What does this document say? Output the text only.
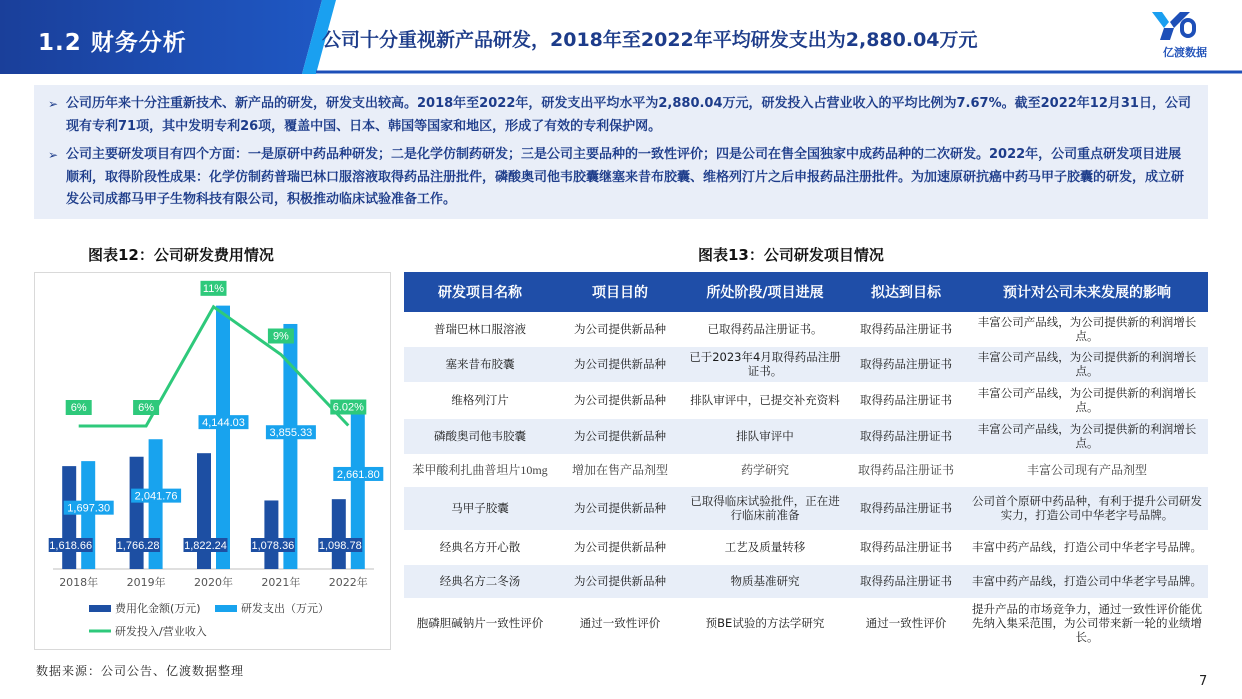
1.2 财务分析	公司十分重视新产品研发，2018年至2022年平均研发支出为2,880.04万元
亿渡数据
➢ 公司历年来十分注重新技术、新产品的研发，研发支出较高。2018年至2022年，研发支出平均水平为2,880.04万元，研发投入占营业收入的平均比例为7.67%。截至2022年12月31日，公司现有专利71项，其中发明专利26项，覆盖中国、日本、韩国等国家和地区，形成了有效的专利保护网。
➢ 公司主要研发项目有四个方面：一是原研中药品种研发；二是化学仿制药研发；三是公司主要品种的一致性评价；四是公司在售全国独家中成药品种的二次研发。2022年，公司重点研发项目进展顺利，取得阶段性成果：化学仿制药普瑞巴林口服溶液取得药品注册批件，磷酸奥司他韦胶囊继塞来昔布胶囊、维格列汀片之后申报药品注册批件。为加速原研抗癌中药马甲子胶囊的研发，成立研发公司成都马甲子生物科技有限公司，积极推动临床试验准备工作。
图表12：公司研发费用情况	图表13：公司研发项目情况
1,618.66
1,697.30
2018年
1,766.28
2,041.76
2019年
1,822.24
4,144.03
2020年
1,078.36
3,855.33
2021年
1,098.78
2,661.80
2022年
6%	6%
11%
9%
6.02%
费用化金额(万元)	研发支出（万元）
研发投入/营业收入
研发项目名称	项目目的	所处阶段/项目进展	拟达到目标	预计对公司未来发展的影响
普瑞巴林口服溶液	为公司提供新品种	已取得药品注册证书。	取得药品注册证书	丰富公司产品线，为公司提供新的利润增长点。
塞来昔布胶囊	为公司提供新品种	已于2023年4月取得药品注册证书。	取得药品注册证书	丰富公司产品线，为公司提供新的利润增长点。
维格列汀片	为公司提供新品种	排队审评中，已提交补充资料	取得药品注册证书	丰富公司产品线，为公司提供新的利润增长点。
磷酸奥司他韦胶囊	为公司提供新品种	排队审评中	取得药品注册证书	丰富公司产品线，为公司提供新的利润增长点。
苯甲酸利扎曲普坦片10mg	增加在售产品剂型	药学研究	取得药品注册证书	丰富公司现有产品剂型
马甲子胶囊	为公司提供新品种	已取得临床试验批件，正在进行临床前准备	取得药品注册证书	公司首个原研中药品种，有利于提升公司研发实力，打造公司中华老字号品牌。
经典名方开心散	为公司提供新品种	工艺及质量转移	取得药品注册证书	丰富中药产品线，打造公司中华老字号品牌。
经典名方二冬汤	为公司提供新品种	物质基准研究	取得药品注册证书	丰富中药产品线，打造公司中华老字号品牌。
胞磷胆碱钠片一致性评价	通过一致性评价	预BE试验的方法学研究	通过一致性评价	提升产品的市场竞争力，通过一致性评价能优先纳入集采范围，为公司带来新一轮的业绩增长。
数据来源：公司公告、亿渡数据整理
7
